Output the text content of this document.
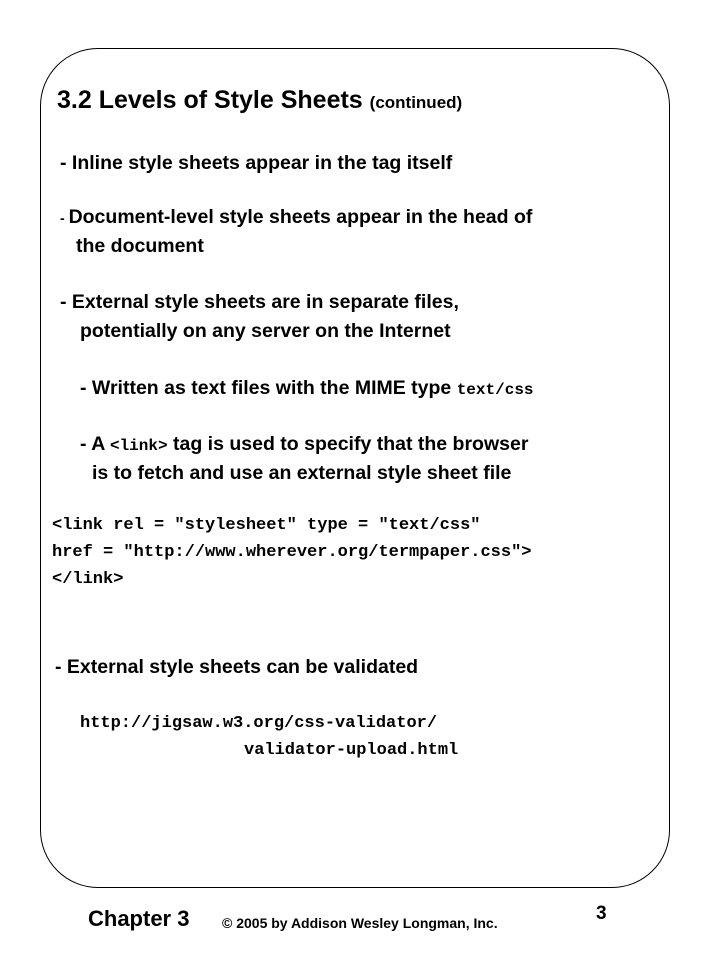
3.2 Levels of Style Sheets (continued)
- Inline style sheets appear in the tag itself
- Document-level style sheets appear in the head of
the document
- External style sheets are in separate files,
potentially on any server on the Internet
- Written as text files with the MIME type text/css
- A <link> tag is used to specify that the browser
is to fetch and use an external style sheet file
<link rel = "stylesheet" type = "text/css"
href = "http://www.wherever.org/termpaper.css">
</link>
- External style sheets can be validated
http://jigsaw.w3.org/css-validator/
validator-upload.html
Chapter 3 © 2005 by Addison Wesley Longman, Inc.	3
